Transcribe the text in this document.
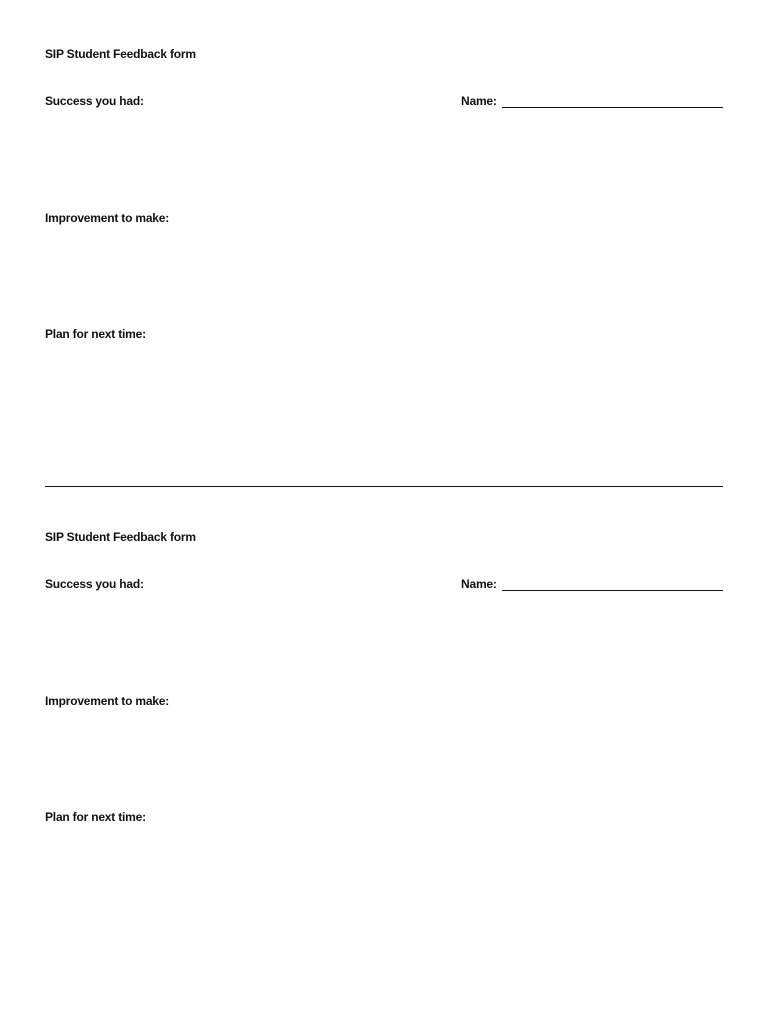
SIP Student Feedback form
Success you had:	Name:
Improvement to make:
Plan for next time:
SIP Student Feedback form
Success you had:	Name:
Improvement to make:
Plan for next time:
